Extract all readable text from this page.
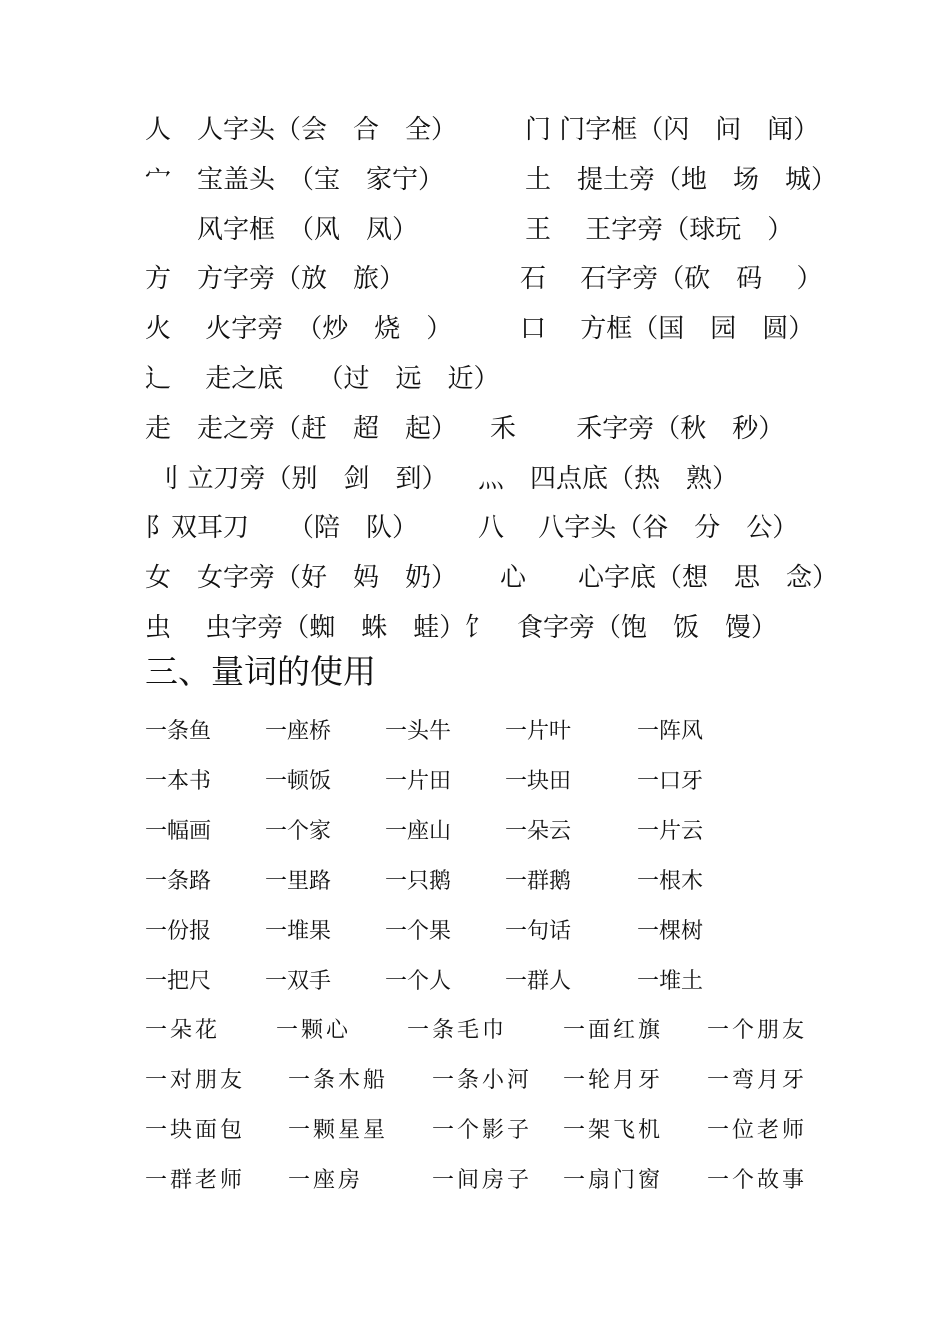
人　人字头（会　合　全）	门 门字框（闪　问　闻）
宀　宝盖头　（宝　家宁）	土　提土旁（地　场　城）
　　风字框　（风　凤）	王　 王字旁（球玩　）
方　方字旁（放　旅）	石　 石字旁（砍　码　 ）
火　 火字旁　（炒　烧　）	口　 方框（国　园　圆）
辶　 走之底　 （过　远　近）
走　走之旁（赶　超　起） 禾　　 禾字旁（秋　秒）
刂 立刀旁（别　剑　到） 灬　四点底（热　熟）
阝双耳刀　　（陪　队） 八　 八字头（谷　分　公）
女　女字旁（好　妈　奶） 心　　心字底（想　思　念）
虫　 虫字旁（蜘　蛛　蛙） 饣　食字旁（饱　饭　馒）
三、量词的使用
一条鱼 一座桥 一头牛 一片叶	一阵风
一本书 一顿饭 一片田 一块田	一口牙
一幅画 一个家 一座山 一朵云	一片云
一条路 一里路 一只鹅 一群鹅	一根木
一份报 一堆果 一个果 一句话	一棵树
一把尺 一双手 一个人 一群人	一堆土
一朵花	一颗心	一条毛巾	一面红旗 一个朋友
一对朋友 一条木船 一条小河 一轮月牙 一弯月牙
一块面包 一颗星星 一个影子 一架飞机 一位老师
一群老师 一座房	一间房子 一扇门窗 一个故事
